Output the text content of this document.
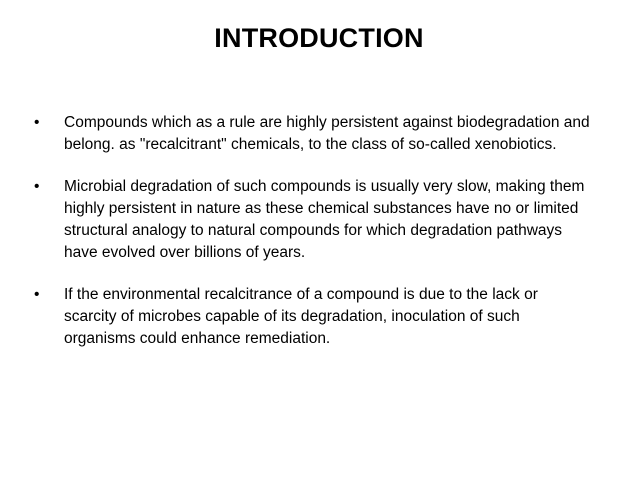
INTRODUCTION
•	Compounds which as a rule are highly persistent against biodegradation and belong. as "recalcitrant" chemicals, to the class of so-called xenobiotics.
•	Microbial degradation of such compounds is usually very slow, making them highly persistent in nature as these chemical substances have no or limited structural analogy to natural compounds for which degradation pathways have evolved over billions of years.
•	If the environmental recalcitrance of a compound is due to the lack or scarcity of microbes capable of its degradation, inoculation of such organisms could enhance remediation.
